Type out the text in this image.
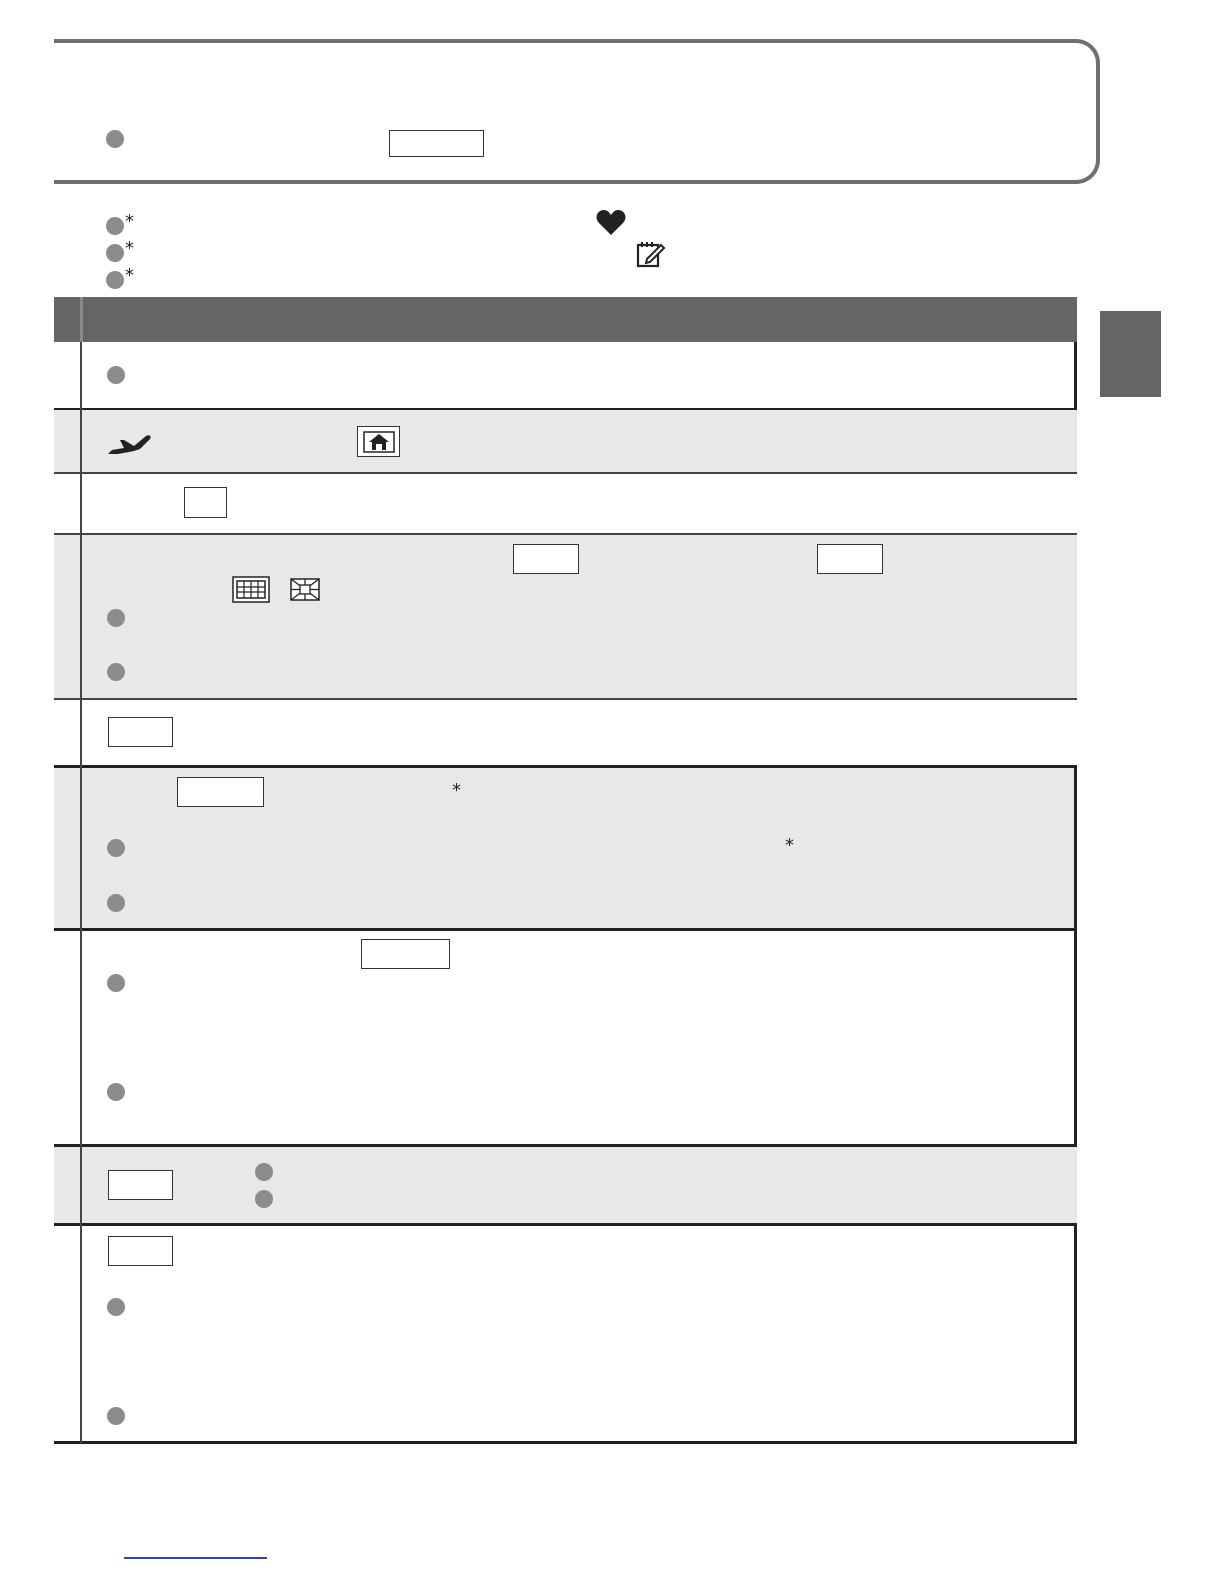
*
*
*
*
*
